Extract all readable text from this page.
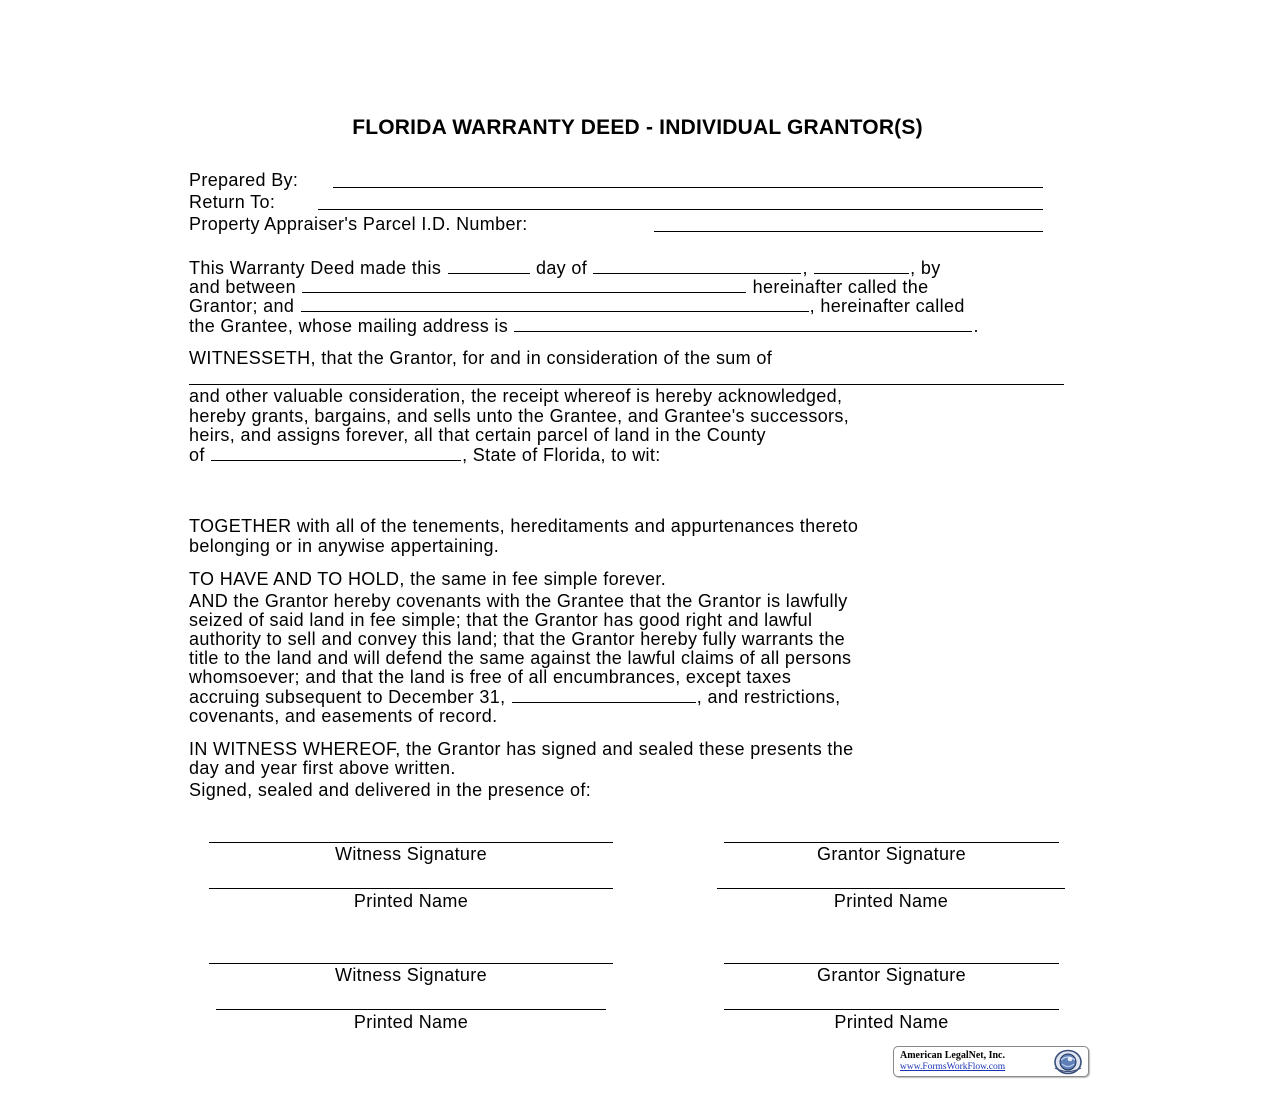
FLORIDA WARRANTY DEED - INDIVIDUAL GRANTOR(S)
Prepared By:
Return To:
Property Appraiser's Parcel I.D. Number:
This Warranty Deed made this	day of	,	, by
and between	hereinafter called the
Grantor; and	, hereinafter called
the Grantee, whose mailing address is	.
WITNESSETH, that the Grantor, for and in consideration of the sum of
and other valuable consideration, the receipt whereof is hereby acknowledged,
hereby grants, bargains, and sells unto the Grantee, and Grantee's successors,
heirs, and assigns forever, all that certain parcel of land in the County
of	, State of Florida, to wit:
TOGETHER with all of the tenements, hereditaments and appurtenances thereto
belonging or in anywise appertaining.
TO HAVE AND TO HOLD, the same in fee simple forever.
AND the Grantor hereby covenants with the Grantee that the Grantor is lawfully
seized of said land in fee simple; that the Grantor has good right and lawful
authority to sell and convey this land; that the Grantor hereby fully warrants the
title to the land and will defend the same against the lawful claims of all persons
whomsoever; and that the land is free of all encumbrances, except taxes
accruing subsequent to December 31,	, and restrictions,
covenants, and easements of record.
IN WITNESS WHEREOF, the Grantor has signed and sealed these presents the
day and year first above written.
Signed, sealed and delivered in the presence of:
Witness Signature	Grantor Signature
Printed Name	Printed Name
Witness Signature	Grantor Signature
Printed Name	Printed Name
American LegalNet, Inc.
www.FormsWorkFlow.com
